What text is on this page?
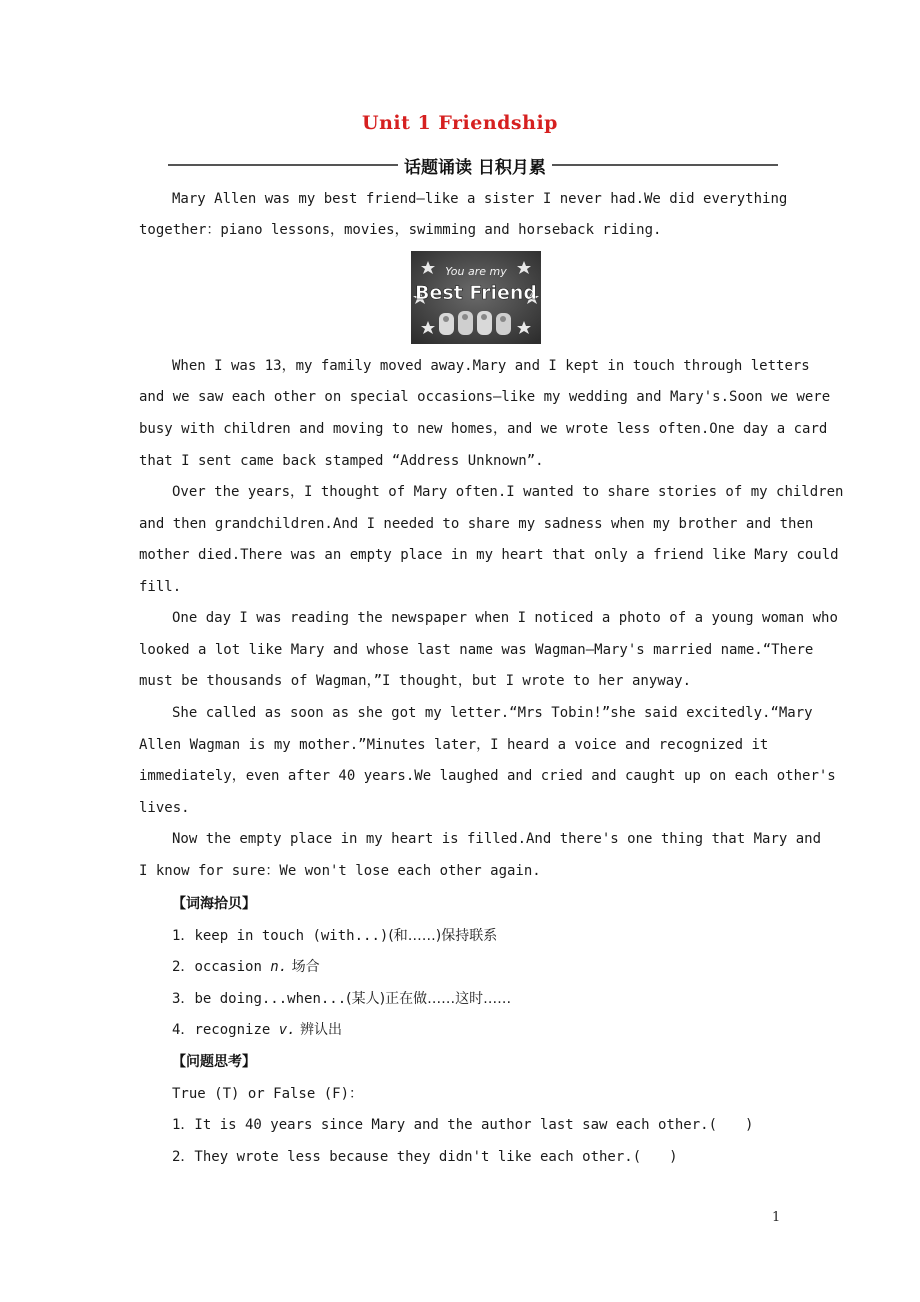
Unit 1 Friendship
话题诵读 日积月累
Mary Allen was my best friend—like a sister I never had.We did everything
together：piano lessons，movies，swimming and horseback riding.
You are my
Best Friend
When I was 13，my family moved away.Mary and I kept in touch through letters
and we saw each other on special occasions—like my wedding and Mary's.Soon we were
busy with children and moving to new homes，and we wrote less often.One day a card
that I sent came back stamped “Address Unknown”.
Over the years，I thought of Mary often.I wanted to share stories of my children
and then grandchildren.And I needed to share my sadness when my brother and then
mother died.There was an empty place in my heart that only a friend like Mary could
fill.
One day I was reading the newspaper when I noticed a photo of a young woman who
looked a lot like Mary and whose last name was Wagman—Mary's married name.“There
must be thousands of Wagman，”I thought，but I wrote to her anyway.
She called as soon as she got my letter.“Mrs Tobin!”she said excitedly.“Mary
Allen Wagman is my mother.”Minutes later，I heard a voice and recognized it
immediately，even after 40 years.We laughed and cried and caught up on each other's
lives.
Now the empty place in my heart is filled.And there's one thing that Mary and
I know for sure：We won't lose each other again.
【词海拾贝】
1．keep in touch (with...)(和……)保持联系
2．occasion n. 场合
3．be doing...when...(某人)正在做……这时……
4．recognize v. 辨认出
【问题思考】
True (T) or False (F)：
1．It is 40 years since Mary and the author last saw each other.(　　)
2．They wrote less because they didn't like each other.(　　)
1
